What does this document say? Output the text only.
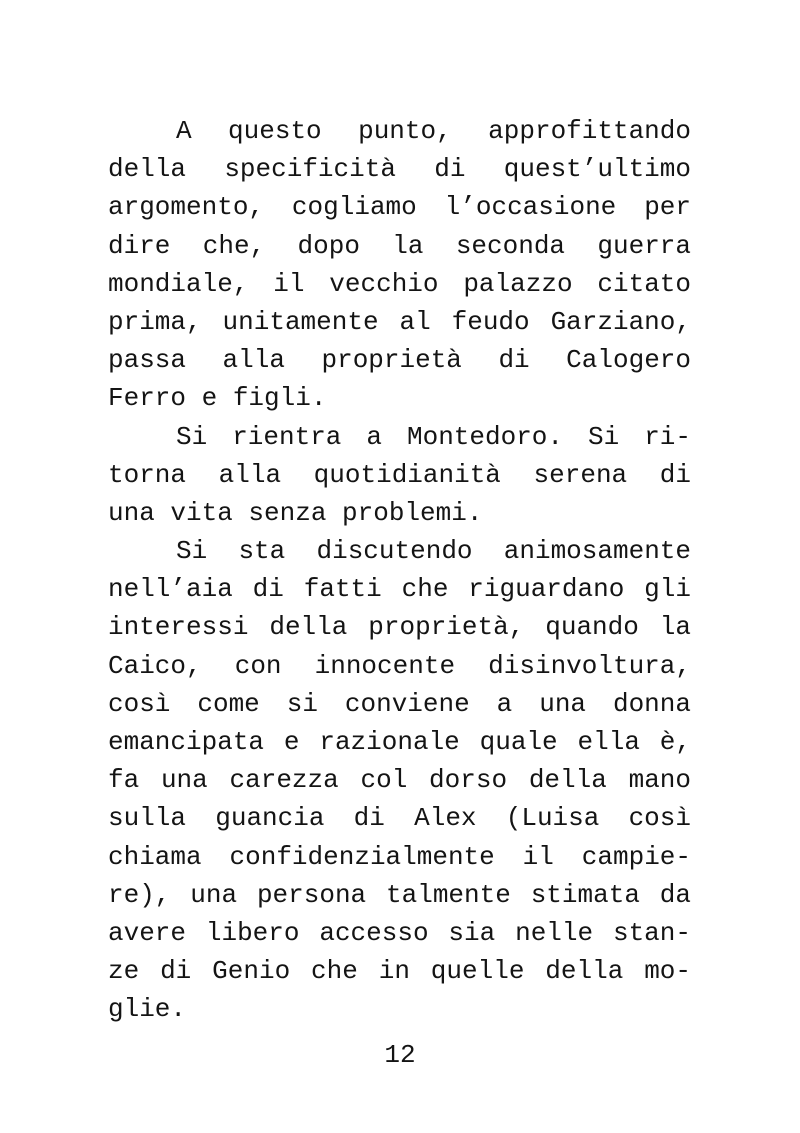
A questo punto, approfittando
della specificità di quest’ultimo
argomento, cogliamo l’occasione per
dire che, dopo la seconda guerra
mondiale, il vecchio palazzo citato
prima, unitamente al feudo Garziano,
passa alla proprietà di Calogero
Ferro e figli.
Si rientra a Montedoro. Si ri-
torna alla quotidianità serena di
una vita senza problemi.
Si sta discutendo animosamente
nell’aia di fatti che riguardano gli
interessi della proprietà, quando la
Caico, con innocente disinvoltura,
così come si conviene a una donna
emancipata e razionale quale ella è,
fa una carezza col dorso della mano
sulla guancia di Alex (Luisa così
chiama confidenzialmente il campie-
re), una persona talmente stimata da
avere libero accesso sia nelle stan-
ze di Genio che in quelle della mo-
glie.
12
